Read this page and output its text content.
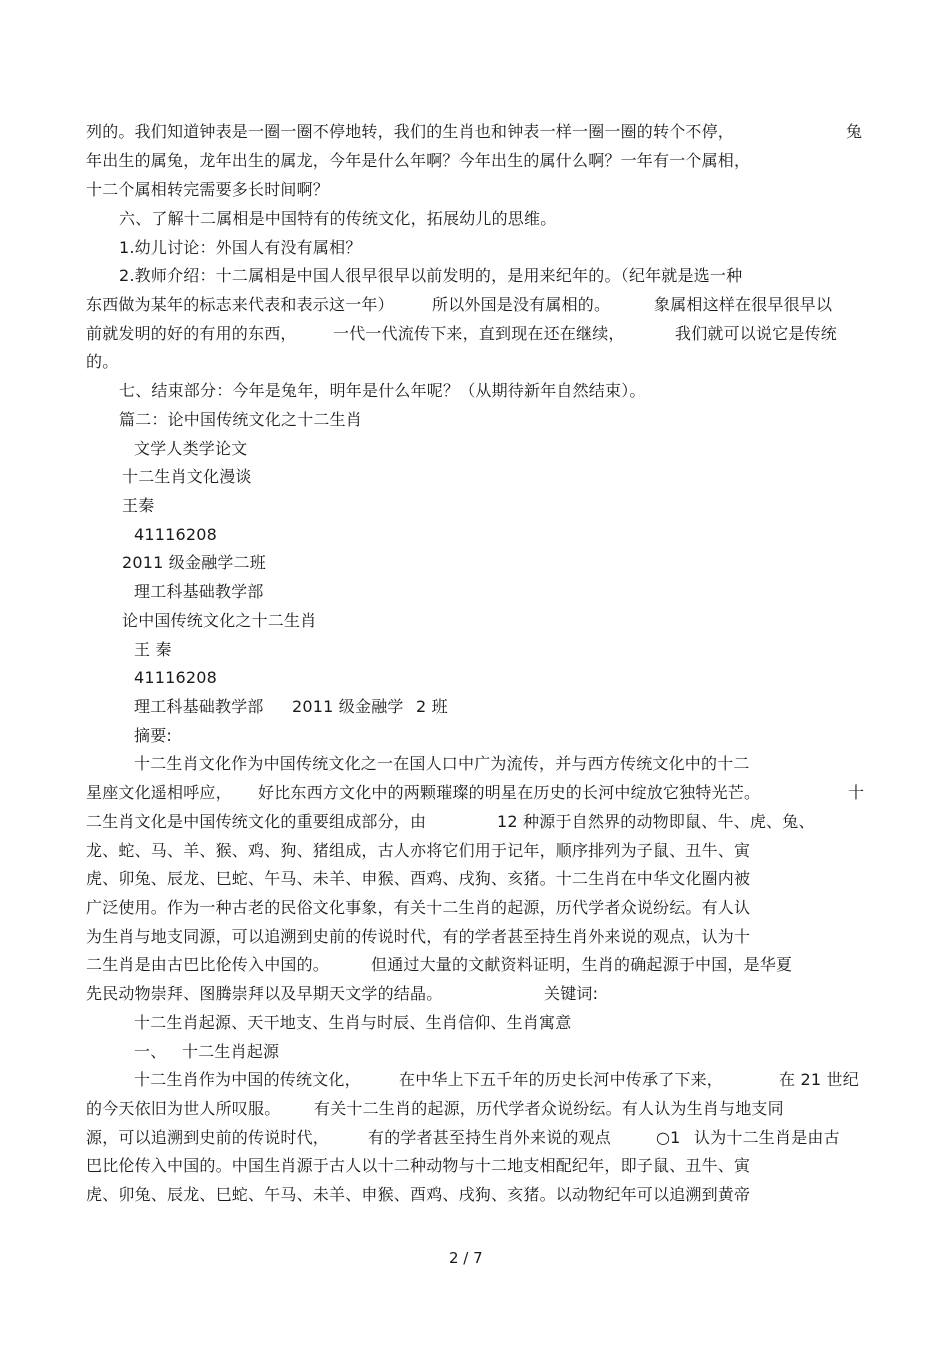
列的。我们知道钟表是一圈一圈不停地转，我们的生肖也和钟表一样一圈一圈的转个不停，	兔
年出生的属兔，龙年出生的属龙，今年是什么年啊？今年出生的属什么啊？一年有一个属相，
十二个属相转完需要多长时间啊？
六、了解十二属相是中国特有的传统文化，拓展幼儿的思维。
1.幼儿讨论：外国人有没有属相？
2.教师介绍：十二属相是中国人很早很早以前发明的，是用来纪年的。（纪年就是选一种
东西做为某年的标志来代表和表示这一年） 所以外国是没有属相的。	象属相这样在很早很早以
前就发明的好的有用的东西， 一代一代流传下来，直到现在还在继续，	我们就可以说它是传统
的。
七、结束部分：今年是兔年，明年是什么年呢？（从期待新年自然结束）。
篇二：论中国传统文化之十二生肖
文学人类学论文
十二生肖文化漫谈
王秦
41116208
2011 级金融学二班
理工科基础教学部
论中国传统文化之十二生肖
王 秦
41116208
理工科基础教学部 2011 级金融学 2 班
摘要:
十二生肖文化作为中国传统文化之一在国人口中广为流传，并与西方传统文化中的十二
星座文化遥相呼应， 好比东西方文化中的两颗璀璨的明星在历史的长河中绽放它独特光芒。	十
二生肖文化是中国传统文化的重要组成部分，由	12 种源于自然界的动物即鼠、牛、虎、兔、
龙、蛇、马、羊、猴、鸡、狗、猪组成，古人亦将它们用于记年，顺序排列为子鼠、丑牛、寅
虎、卯兔、辰龙、巳蛇、午马、未羊、申猴、酉鸡、戌狗、亥猪。十二生肖在中华文化圈内被
广泛使用。作为一种古老的民俗文化事象，有关十二生肖的起源，历代学者众说纷纭。有人认
为生肖与地支同源，可以追溯到史前的传说时代，有的学者甚至持生肖外来说的观点，认为十
二生肖是由古巴比伦传入中国的。	但通过大量的文献资料证明，生肖的确起源于中国，是华夏
先民动物崇拜、图腾崇拜以及早期天文学的结晶。	关键词:
十二生肖起源、天干地支、生肖与时辰、生肖信仰、生肖寓意
一、 十二生肖起源
十二生肖作为中国的传统文化， 在中华上下五千年的历史长河中传承了下来，	在 21 世纪
的今天依旧为世人所叹服。 有关十二生肖的起源，历代学者众说纷纭。有人认为生肖与地支同
源，可以追溯到史前的传说时代， 有的学者甚至持生肖外来说的观点	○1 认为十二生肖是由古
巴比伦传入中国的。中国生肖源于古人以十二种动物与十二地支相配纪年，即子鼠、丑牛、寅
虎、卯兔、辰龙、巳蛇、午马、未羊、申猴、酉鸡、戌狗、亥猪。以动物纪年可以追溯到黄帝
2 / 7
